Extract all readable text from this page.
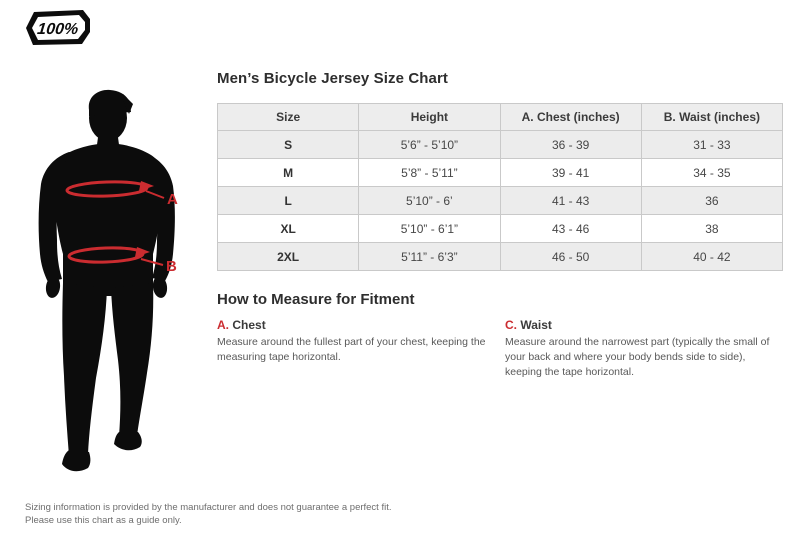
100%
A
B
Men’s Bicycle Jersey Size Chart
Size	Height	A. Chest (inches)	B. Waist (inches)
S	5’6” - 5’10”	36 - 39	31 - 33
M	5’8” - 5’11”	39 - 41	34 - 35
L	5’10” - 6’	41 - 43	36
XL	5’10” - 6’1”	43 - 46	38
2XL	5’11” - 6’3”	46 - 50	40 - 42
How to Measure for Fitment
A. Chest
Measure around the fullest part of your chest, keeping the measuring tape horizontal.
C. Waist
Measure around the narrowest part (typically the small of your back and where your body bends side to side), keeping the tape horizontal.
Sizing information is provided by the manufacturer and does not guarantee a perfect fit.
Please use this chart as a guide only.
